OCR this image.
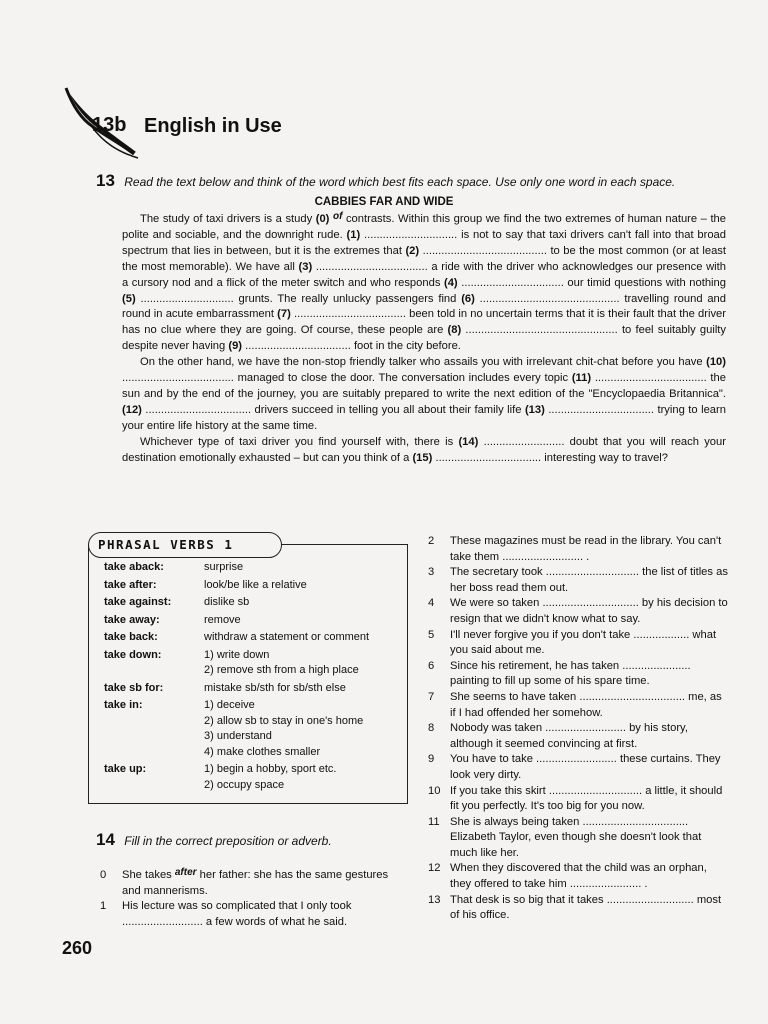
13b English in Use
13 Read the text below and think of the word which best fits each space. Use only one word in each space.
CABBIES FAR AND WIDE

The study of taxi drivers is a study (0) of contrasts. Within this group we find the two extremes of human nature – the polite and sociable, and the downright rude. (1) .............................. is not to say that taxi drivers can't fall into that broad spectrum that lies in between, but it is the extremes that (2) ........................................ to be the most common (or at least the most memorable). We have all (3) .................................... a ride with the driver who acknowledges our presence with a cursory nod and a flick of the meter switch and who responds (4) ................................. our timid questions with nothing (5) .............................. grunts. The really unlucky passengers find (6) ............................................. travelling round and round in acute embarrassment (7) .................................... been told in no uncertain terms that it is their fault that the driver has no clue where they are going. Of course, these people are (8) ................................................. to feel suitably guilty despite never having (9) .................................. foot in the city before.

On the other hand, we have the non-stop friendly talker who assails you with irrelevant chit-chat before you have (10) .................................... managed to close the door. The conversation includes every topic (11) .................................... the sun and by the end of the journey, you are suitably prepared to write the next edition of the "Encyclopaedia Britannica". (12) .................................. drivers succeed in telling you all about their family life (13) .................................. trying to learn your entire life history at the same time.

Whichever type of taxi driver you find yourself with, there is (14) .......................... doubt that you will reach your destination emotionally exhausted – but can you think of a (15) .................................. interesting way to travel?

PHRASAL VERBS 1
take aback:	surprise
take after:	look/be like a relative
take against:	dislike sb
take away:	remove
take back:	withdraw a statement or comment
take down:	1) write down
	2) remove sth from a high place
take sb for:	mistake sb/sth for sb/sth else
take in:	1) deceive
	2) allow sb to stay in one's home
	3) understand
	4) make clothes smaller
take up:	1) begin a hobby, sport etc.
	2) occupy space
14 Fill in the correct preposition or adverb.
0	She takes after her father: she has the same gestures and mannerisms.
1	His lecture was so complicated that I only took .......................... a few words of what he said.
2	These magazines must be read in the library. You can't take them .......................... .
3	The secretary took .............................. the list of titles as her boss read them out.
4	We were so taken ............................... by his decision to resign that we didn't know what to say.
5	I'll never forgive you if you don't take .................. what you said about me.
6	Since his retirement, he has taken ...................... painting to fill up some of his spare time.
7	She seems to have taken .................................. me, as if I had offended her somehow.
8	Nobody was taken .......................... by his story, although it seemed convincing at first.
9	You have to take .......................... these curtains. They look very dirty.
10 If you take this skirt .............................. a little, it should fit you perfectly. It's too big for you now.
11 She is always being taken .................................. Elizabeth Taylor, even though she doesn't look that much like her.
12 When they discovered that the child was an orphan, they offered to take him ....................... .
13 That desk is so big that it takes ............................ most of his office.
260
